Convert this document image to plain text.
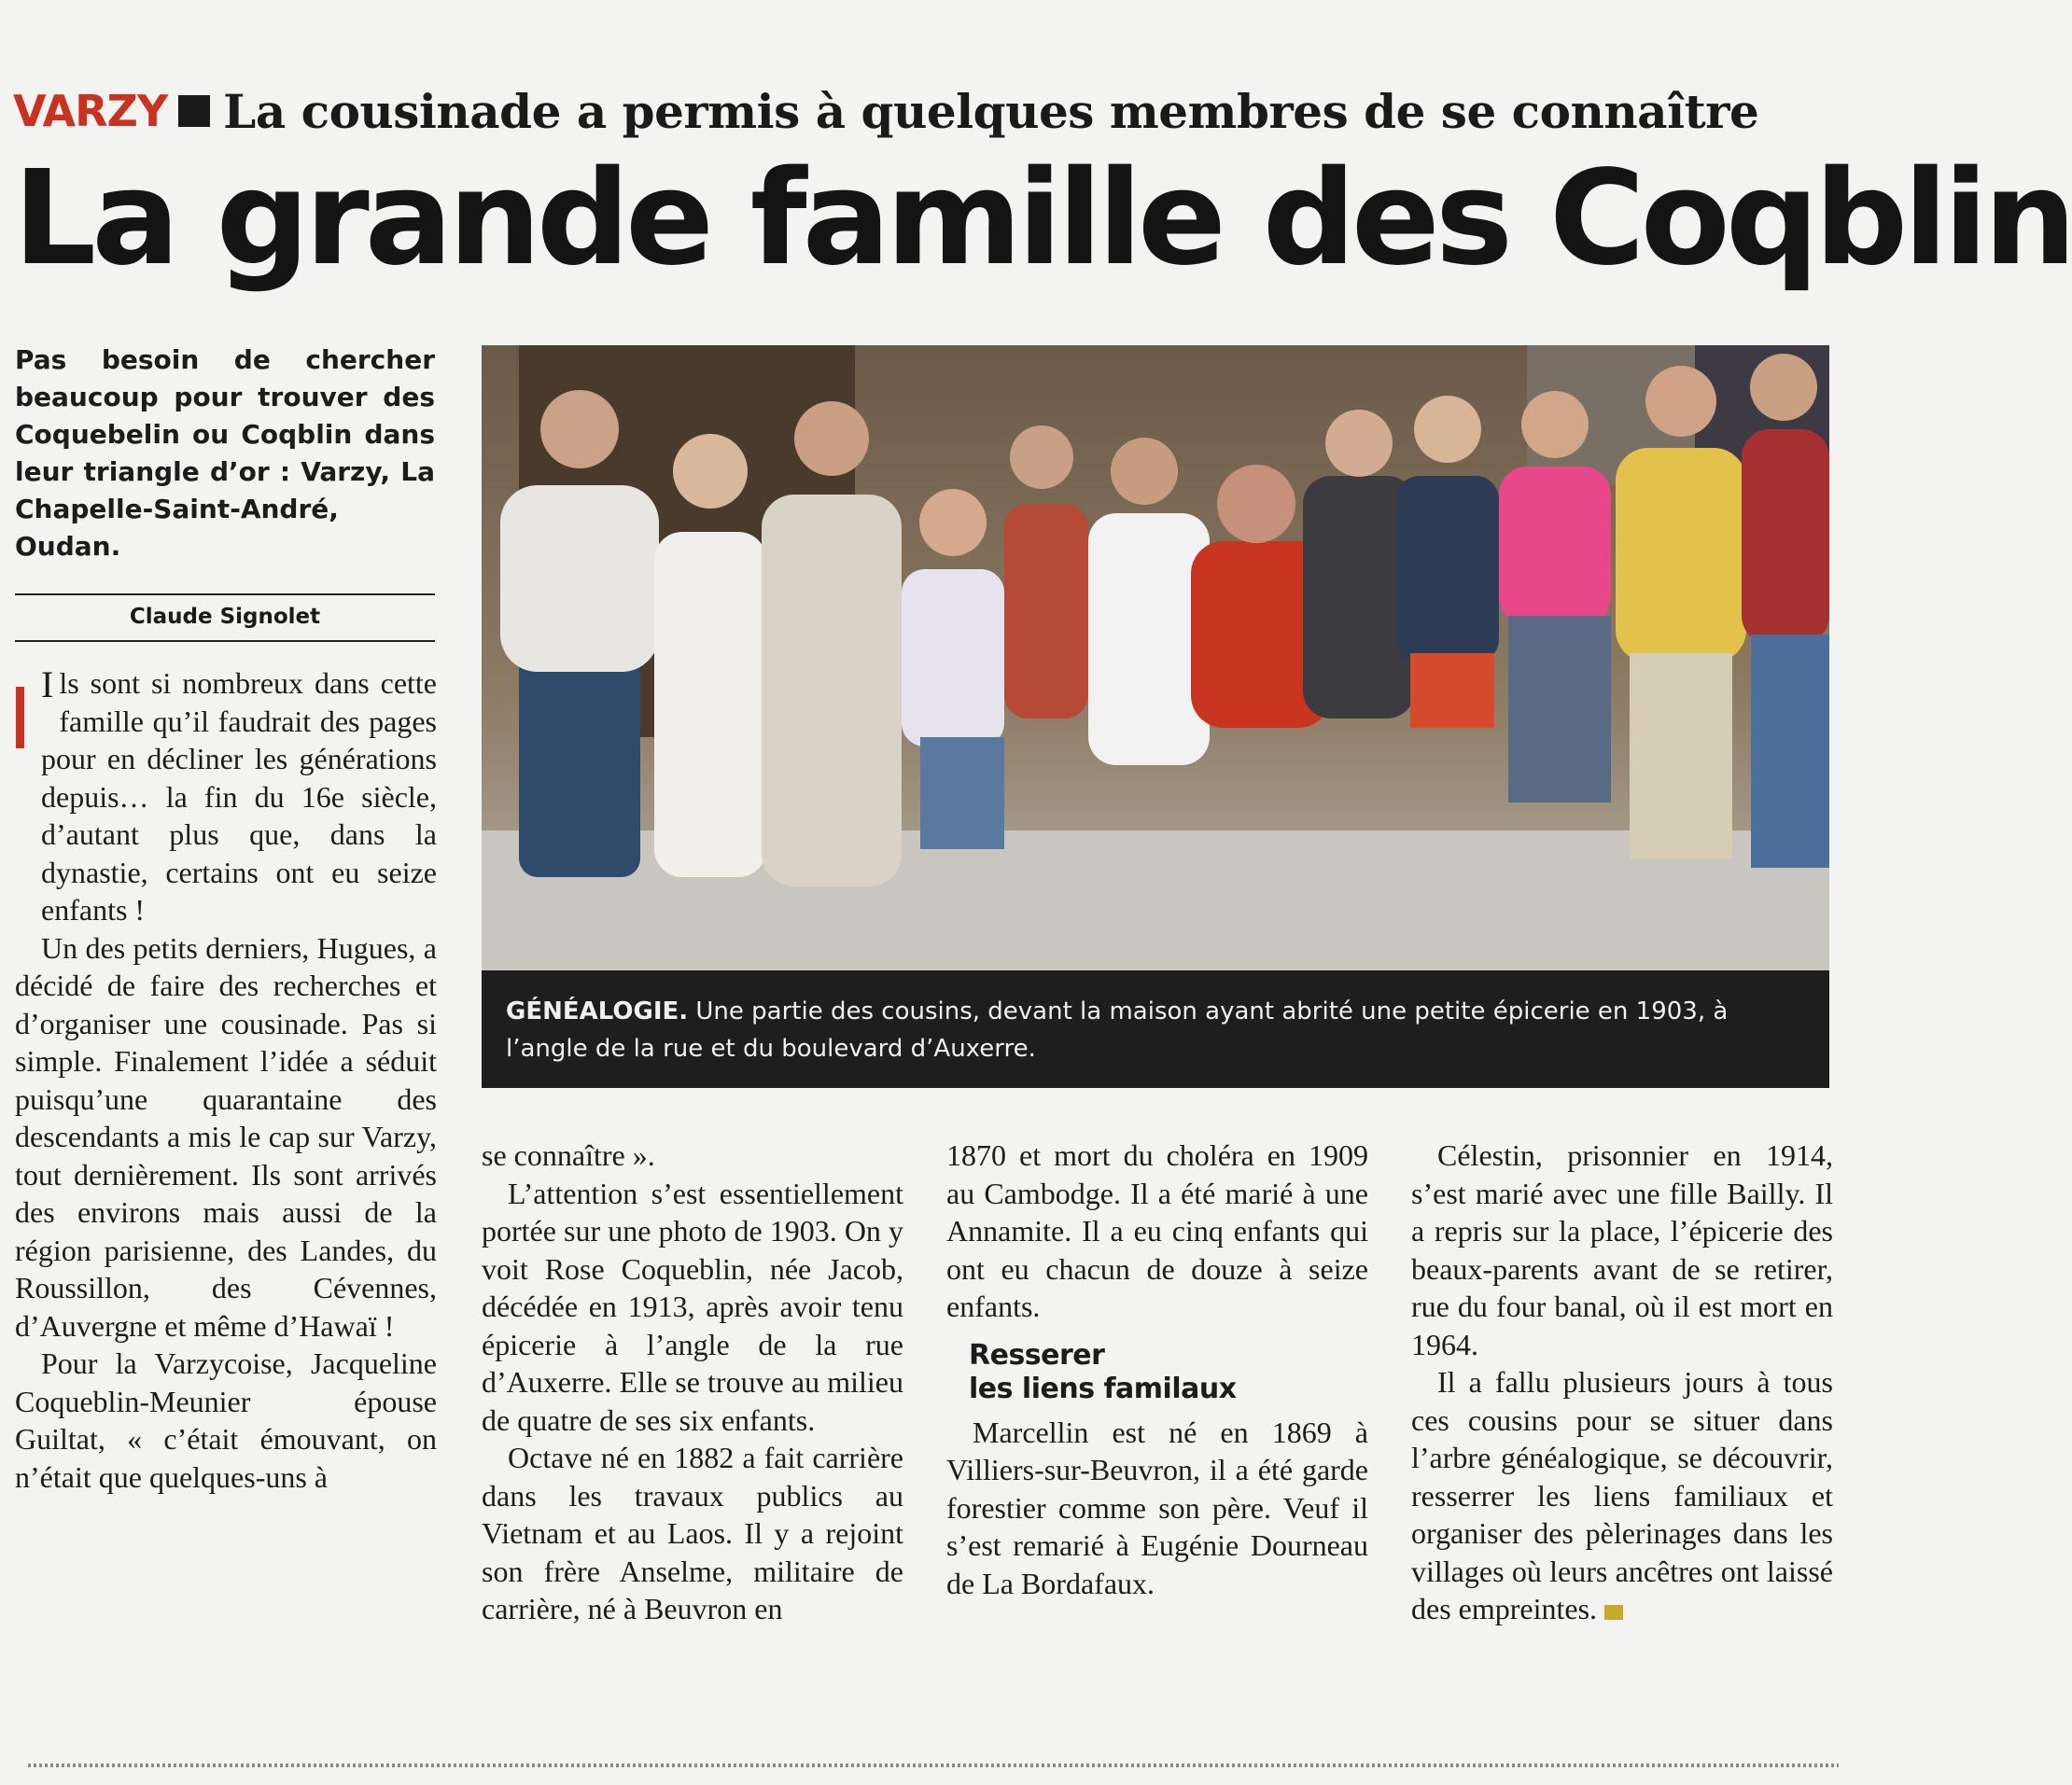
VARZY La cousinade a permis à quelques membres de se connaître
La grande famille des Coqblin
Pas besoin de chercher beaucoup pour trouver des Coquebelin ou Coqblin dans leur triangle d’or : Varzy, La Chapelle-Saint-André, Oudan.
Claude Signolet
GÉNÉALOGIE. Une partie des cousins, devant la maison ayant abrité une petite épicerie en 1903, à l’angle de la rue et du boulevard d’Auxerre.

I ls sont si nombreux dans cette famille qu’il faudrait des pages pour en décliner les générations depuis… la fin du 16e siècle, d’autant plus que, dans la dynastie, certains ont eu seize enfants !

Un des petits derniers, Hugues, a décidé de faire des recherches et d’organiser une cousinade. Pas si simple. Finalement l’idée a séduit puisqu’une quarantaine des descendants a mis le cap sur Varzy, tout dernièrement. Ils sont arrivés des environs mais aussi de la région parisienne, des Landes, du Roussillon, des Cévennes, d’Auvergne et même d’Hawaï !

Pour la Varzycoise, Jacqueline Coqueblin-Meunier épouse Guiltat, « c’était émouvant, on n’était que quelques-uns à

se connaître ».

L’attention s’est essentiellement portée sur une photo de 1903. On y voit Rose Coqueblin, née Jacob, décédée en 1913, après avoir tenu épicerie à l’angle de la rue d’Auxerre. Elle se trouve au milieu de quatre de ses six enfants.

Octave né en 1882 a fait carrière dans les travaux publics au Vietnam et au Laos. Il y a rejoint son frère Anselme, militaire de carrière, né à Beuvron en

1870 et mort du choléra en 1909 au Cambodge. Il a été marié à une Annamite. Il a eu cinq enfants qui ont eu chacun de douze à seize enfants.

Resserer
les liens familaux

Marcellin est né en 1869 à Villiers-sur-Beuvron, il a été garde forestier comme son père. Veuf il s’est remarié à Eugénie Dourneau de La Bordafaux.

Célestin, prisonnier en 1914, s’est marié avec une fille Bailly. Il a repris sur la place, l’épicerie des beaux-parents avant de se retirer, rue du four banal, où il est mort en 1964.

Il a fallu plusieurs jours à tous ces cousins pour se situer dans l’arbre généalogique, se découvrir, resserrer les liens familiaux et organiser des pèlerinages dans les villages où leurs ancêtres ont laissé des empreintes.
